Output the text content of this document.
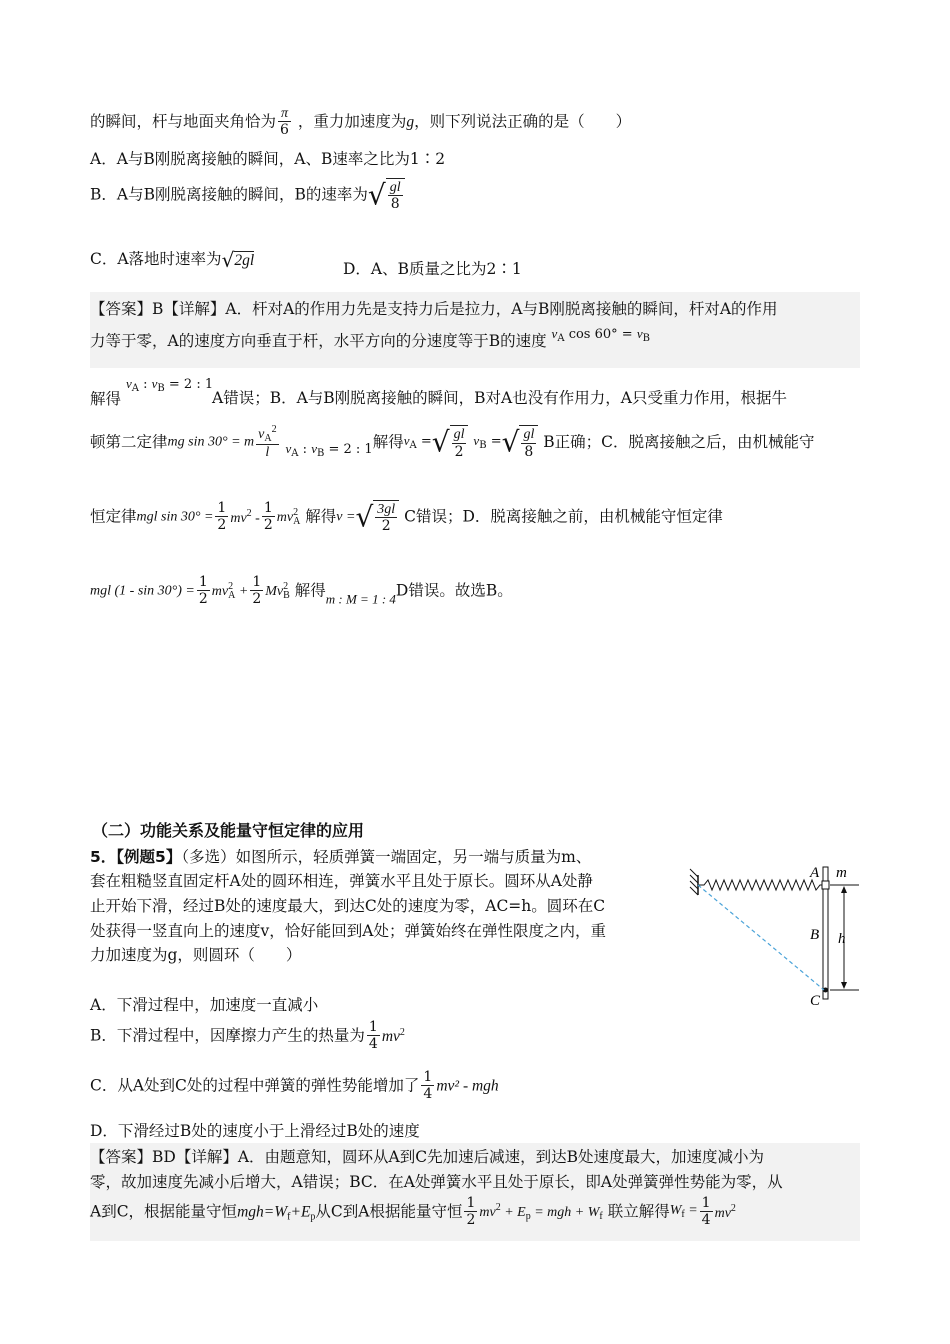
的瞬间，杆与地面夹角恰为 $\frac{\pi}{6}$ ，重力加速度为g，则下列说法正确的是（　　）
A．A与B刚脱离接触的瞬间，A、B速率之比为1∶2
B．A与B刚脱离接触的瞬间，B的速率为√ $\frac{gl}{8}$
C．A落地时速率为√2gl	D．A、B质量之比为2∶1
【答案】B【详解】A．杆对A的作用力先是支持力后是拉力，A与B刚脱离接触的瞬间，杆对A的作用
力等于零，A的速度方向垂直于杆，水平方向的分速度等于B的速度 $^{v_A cos 60^\circ = v_B}$
解得 $v_A$ : $v_B = 2$ : 1
A错误；B．A与B刚脱离接触的瞬间，B对A也没有作用力，A只受重力作用，根据牛
顿第二定律mg sin 30° = m $\frac{v_A^2}{l} _{v_A : v_B = 2 : 1}$解得$v_A$ =√ $\frac{gl}{2} v_B$ =√ $\frac{gl}{8}$ B正确；C．脱离接触之后，由机械能守
恒定律mgl $\sin 30^\circ = \frac{1}{2} mv^2 - \frac{1}{2} mv^2_A$ 解得v =√ $\frac{3gl}{2}$ C错误；D．脱离接触之前，由机械能守恒定律
mgl $(1 - \sin 30^\circ) = \frac{1}{2} mv^2_A + \frac{1}{2} Mv^2_B$ 解得$_{m : M = 1 : 4}$D错误。故选B。
（二）功能关系及能量守恒定律的应用
5．【例题5】（多选）如图所示，轻质弹簧一端固定，另一端与质量为m、
套在粗糙竖直固定杆A处的圆环相连，弹簧水平且处于原长。圆环从A处静
止开始下滑，经过B处的速度最大，到达C处的速度为零，AC=h。圆环在C
处获得一竖直向上的速度v，恰好能回到A处；弹簧始终在弹性限度之内，重
力加速度为g，则圆环（　　）
A．下滑过程中，加速度一直减小
B．下滑过程中，因摩擦力产生的热量为 $\frac{1}{4} mv^2$
C．从A处到C处的过程中弹簧的弹性势能增加了 $\frac{1}{4} mv^2$ - mgh
D．下滑经过B处的速度小于上滑经过B处的速度
A m
B h
C
【答案】BD【详解】A．由题意知，圆环从A到C先加速后减速，到达B处速度最大，加速度减小为
零，故加速度先减小后增大，A错误；BC．在A处弹簧水平且处于原长，即A处弹簧弹性势能为零，从
A到C，根据能量守恒$mgh=W_f+E_p$从C到A根据能量守恒 $\frac{1}{2} mv^2 + E_p$ = mgh + $W_f$ 联立解得$W_f = \frac{1}{4} mv^2$
